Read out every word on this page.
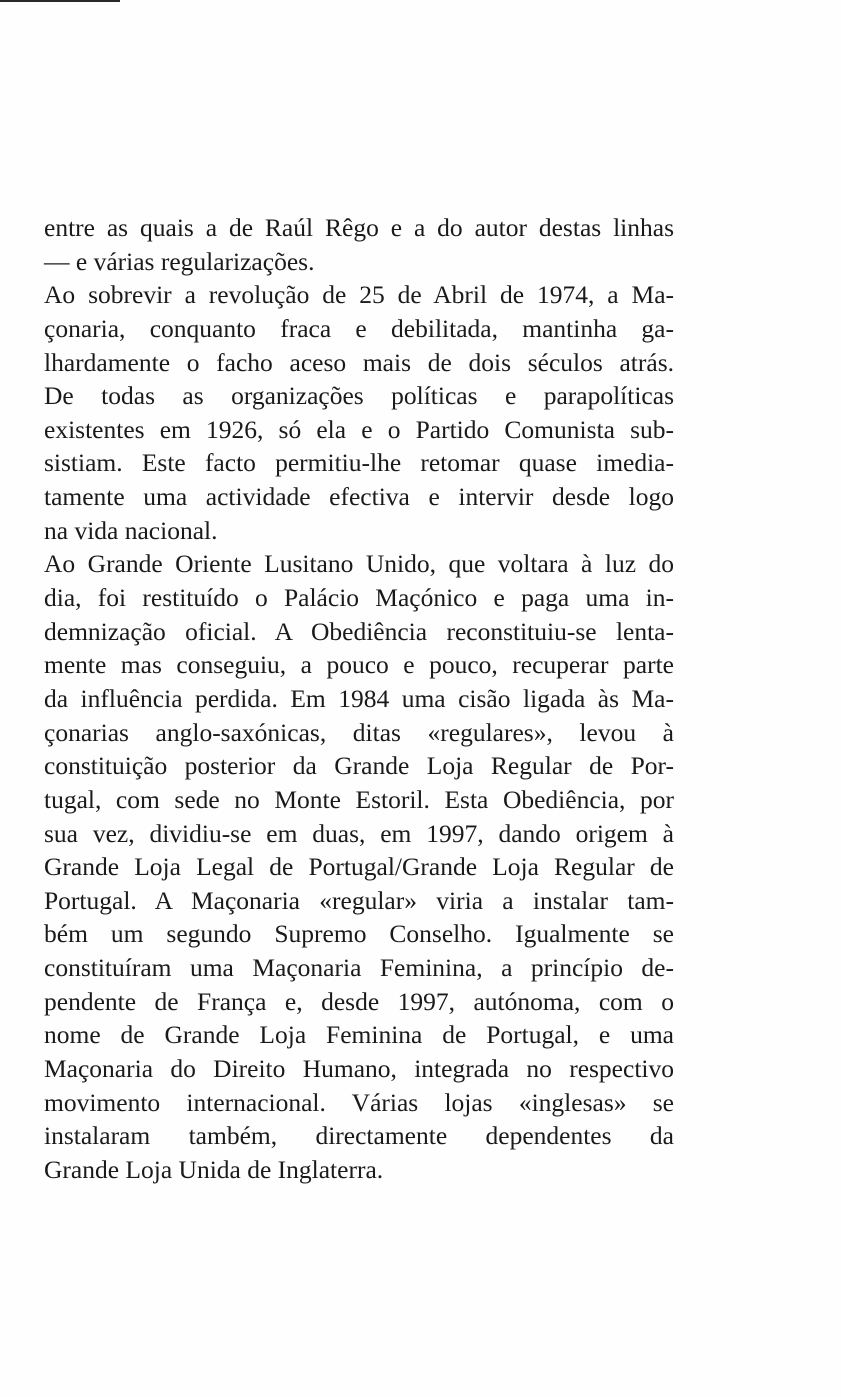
entre as quais a de Raúl Rêgo e a do autor destas linhas
— e várias regularizações.
Ao sobrevir a revolução de 25 de Abril de 1974, a Ma-
çonaria, conquanto fraca e debilitada, mantinha ga-
lhardamente o facho aceso mais de dois séculos atrás.
De todas as organizações políticas e parapolíticas
existentes em 1926, só ela e o Partido Comunista sub-
sistiam. Este facto permitiu-lhe retomar quase imedia-
tamente uma actividade efectiva e intervir desde logo
na vida nacional.
Ao Grande Oriente Lusitano Unido, que voltara à luz do
dia, foi restituído o Palácio Maçónico e paga uma in-
demnização oficial. A Obediência reconstituiu-se lenta-
mente mas conseguiu, a pouco e pouco, recuperar parte
da influência perdida. Em 1984 uma cisão ligada às Ma-
çonarias anglo-saxónicas, ditas «regulares», levou à
constituição posterior da Grande Loja Regular de Por-
tugal, com sede no Monte Estoril. Esta Obediência, por
sua vez, dividiu-se em duas, em 1997, dando origem à
Grande Loja Legal de Portugal/Grande Loja Regular de
Portugal. A Maçonaria «regular» viria a instalar tam-
bém um segundo Supremo Conselho. Igualmente se
constituíram uma Maçonaria Feminina, a princípio de-
pendente de França e, desde 1997, autónoma, com o
nome de Grande Loja Feminina de Portugal, e uma
Maçonaria do Direito Humano, integrada no respectivo
movimento internacional. Várias lojas «inglesas» se
instalaram também, directamente dependentes da
Grande Loja Unida de Inglaterra.
